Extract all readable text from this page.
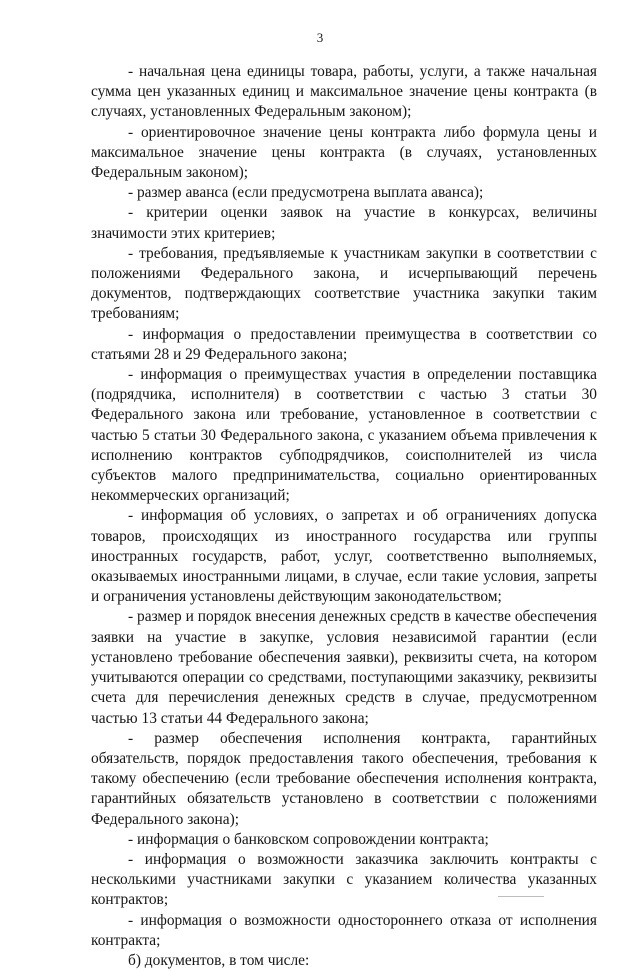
3

- начальная цена единицы товара, работы, услуги, а также начальная сумма цен указанных единиц и максимальное значение цены контракта (в случаях, установленных Федеральным законом);

- ориентировочное значение цены контракта либо формула цены и максимальное значение цены контракта (в случаях, установленных Федеральным законом);

- размер аванса (если предусмотрена выплата аванса);

- критерии оценки заявок на участие в конкурсах, величины значимости этих критериев;

- требования, предъявляемые к участникам закупки в соответствии с положениями Федерального закона, и исчерпывающий перечень документов, подтверждающих соответствие участника закупки таким требованиям;

- информация о предоставлении преимущества в соответствии со статьями 28 и 29 Федерального закона;

- информация о преимуществах участия в определении поставщика (подрядчика, исполнителя) в соответствии с частью 3 статьи 30 Федерального закона или требование, установленное в соответствии с частью 5 статьи 30 Федерального закона, с указанием объема привлечения к исполнению контрактов субподрядчиков, соисполнителей из числа субъектов малого предпринимательства, социально ориентированных некоммерческих организаций;

- информация об условиях, о запретах и об ограничениях допуска товаров, происходящих из иностранного государства или группы иностранных государств, работ, услуг, соответственно выполняемых, оказываемых иностранными лицами, в случае, если такие условия, запреты и ограничения установлены действующим законодательством;

- размер и порядок внесения денежных средств в качестве обеспечения заявки на участие в закупке, условия независимой гарантии (если установлено требование обеспечения заявки), реквизиты счета, на котором учитываются операции со средствами, поступающими заказчику, реквизиты счета для перечисления денежных средств в случае, предусмотренном частью 13 статьи 44 Федерального закона;

- размер обеспечения исполнения контракта, гарантийных обязательств, порядок предоставления такого обеспечения, требования к такому обеспечению (если требование обеспечения исполнения контракта, гарантийных обязательств установлено в соответствии с положениями Федерального закона);

- информация о банковском сопровождении контракта;

- информация о возможности заказчика заключить контракты с несколькими участниками закупки с указанием количества указанных контрактов;

- информация о возможности одностороннего отказа от исполнения контракта;

б) документов, в том числе:
